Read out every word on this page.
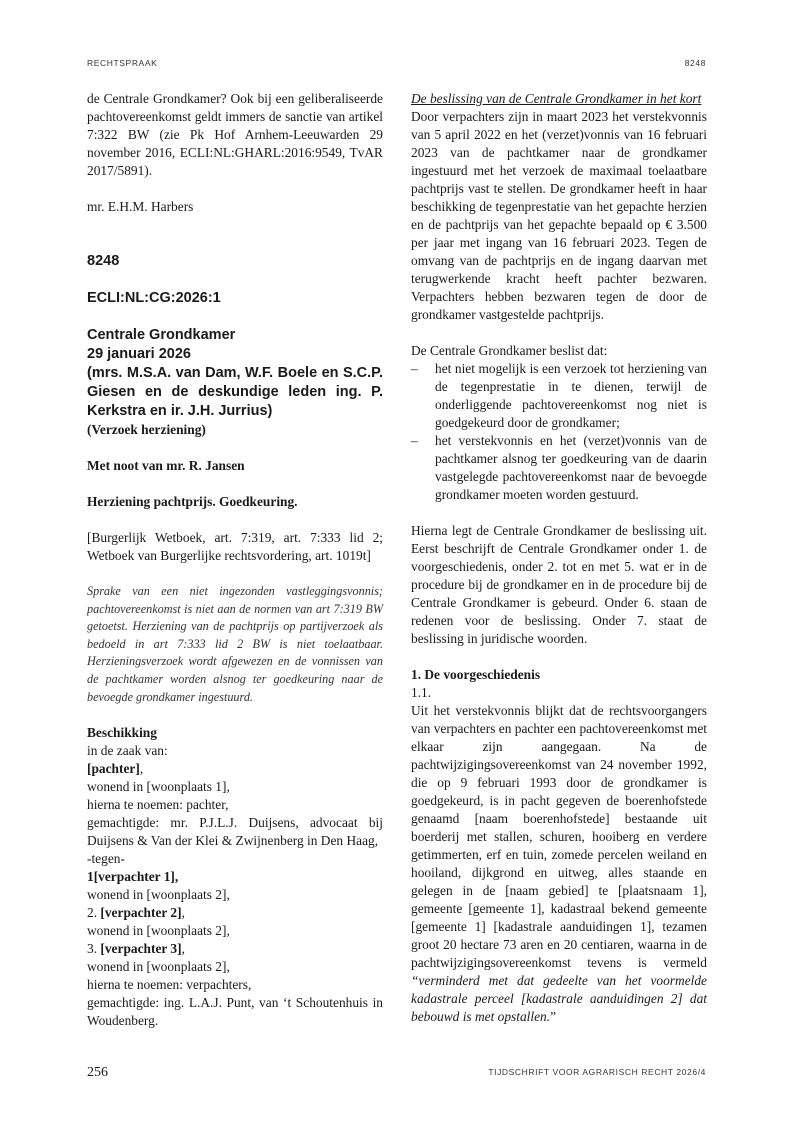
RECHTSPRAAK	8248

de Centrale Grondkamer? Ook bij een geliberaliseerde pachtovereenkomst geldt immers de sanctie van artikel 7:322 BW (zie Pk Hof Arnhem-Leeuwarden 29 november 2016, ECLI:NL:GHARL:2016:9549, TvAR 2017/5891).

mr. E.H.M. Harbers

8248

ECLI:NL:CG:2026:1

Centrale Grondkamer

29 januari 2026

(mrs. M.S.A. van Dam, W.F. Boele en S.C.P. Giesen en de deskundige leden ing. P. Kerkstra en ir. J.H. Jurrius)

(Verzoek herziening)

Met noot van mr. R. Jansen

Herziening pachtprijs. Goedkeuring.

[Burgerlijk Wetboek, art. 7:319, art. 7:333 lid 2; Wetboek van Burgerlijke rechtsvordering, art. 1019t]

Sprake van een niet ingezonden vastleggingsvonnis; pachtovereenkomst is niet aan de normen van art 7:319 BW getoetst. Herziening van de pachtprijs op partijverzoek als bedoeld in art 7:333 lid 2 BW is niet toelaatbaar. Herzieningsverzoek wordt afgewezen en de vonnissen van de pachtkamer worden alsnog ter goedkeuring naar de bevoegde grondkamer ingestuurd.

Beschikking

in de zaak van:

[pachter],

wonend in [woonplaats 1],

hierna te noemen: pachter,

gemachtigde: mr. P.J.L.J. Duijsens, advocaat bij Duijsens & Van der Klei & Zwijnenberg in Den Haag,

-tegen-

1[verpachter 1],

wonend in [woonplaats 2],

2. [verpachter 2],

wonend in [woonplaats 2],

3. [verpachter 3],

wonend in [woonplaats 2],

hierna te noemen: verpachters,

gemachtigde: ing. L.A.J. Punt, van ‘t Schoutenhuis in Woudenberg.

De beslissing van de Centrale Grondkamer in het kort

Door verpachters zijn in maart 2023 het verstekvonnis van 5 april 2022 en het (verzet)vonnis van 16 februari 2023 van de pachtkamer naar de grondkamer ingestuurd met het verzoek de maximaal toelaatbare pachtprijs vast te stellen. De grondkamer heeft in haar beschikking de tegenprestatie van het gepachte herzien en de pachtprijs van het gepachte bepaald op € 3.500 per jaar met ingang van 16 februari 2023. Tegen de omvang van de pachtprijs en de ingang daarvan met terugwerkende kracht heeft pachter bezwaren. Verpachters hebben bezwaren tegen de door de grondkamer vastgestelde pachtprijs.

De Centrale Grondkamer beslist dat:

– het niet mogelijk is een verzoek tot herziening van de tegenprestatie in te dienen, terwijl de onderliggende pachtovereenkomst nog niet is goedgekeurd door de grondkamer;
– het verstekvonnis en het (verzet)vonnis van de pachtkamer alsnog ter goedkeuring van de daarin vastgelegde pachtovereenkomst naar de bevoegde grondkamer moeten worden gestuurd.

Hierna legt de Centrale Grondkamer de beslissing uit. Eerst beschrijft de Centrale Grondkamer onder 1. de voorgeschiedenis, onder 2. tot en met 5. wat er in de procedure bij de grondkamer en in de procedure bij de Centrale Grondkamer is gebeurd. Onder 6. staan de redenen voor de beslissing. Onder 7. staat de beslissing in juridische woorden.

1. De voorgeschiedenis

1.1.

Uit het verstekvonnis blijkt dat de rechtsvoorgangers van verpachters en pachter een pachtovereenkomst met elkaar zijn aangegaan. Na de pachtwijzigingsovereenkomst van 24 november 1992, die op 9 februari 1993 door de grondkamer is goedgekeurd, is in pacht gegeven de boerenhofstede genaamd [naam boerenhofstede] bestaande uit boerderij met stallen, schuren, hooiberg en verdere getimmerten, erf en tuin, zomede percelen weiland en hooiland, dijkgrond en uitweg, alles staande en gelegen in de [naam gebied] te [plaatsnaam 1], gemeente [gemeente 1], kadastraal bekend gemeente [gemeente 1] [kadastrale aanduidingen 1], tezamen groot 20 hectare 73 aren en 20 centiaren, waarna in de pachtwijzigingsovereenkomst tevens is vermeld “verminderd met dat gedeelte van het voormelde kadastrale perceel [kadastrale aanduidingen 2] dat bebouwd is met opstallen.”

256	TIJDSCHRIFT VOOR AGRARISCH RECHT 2026/4
